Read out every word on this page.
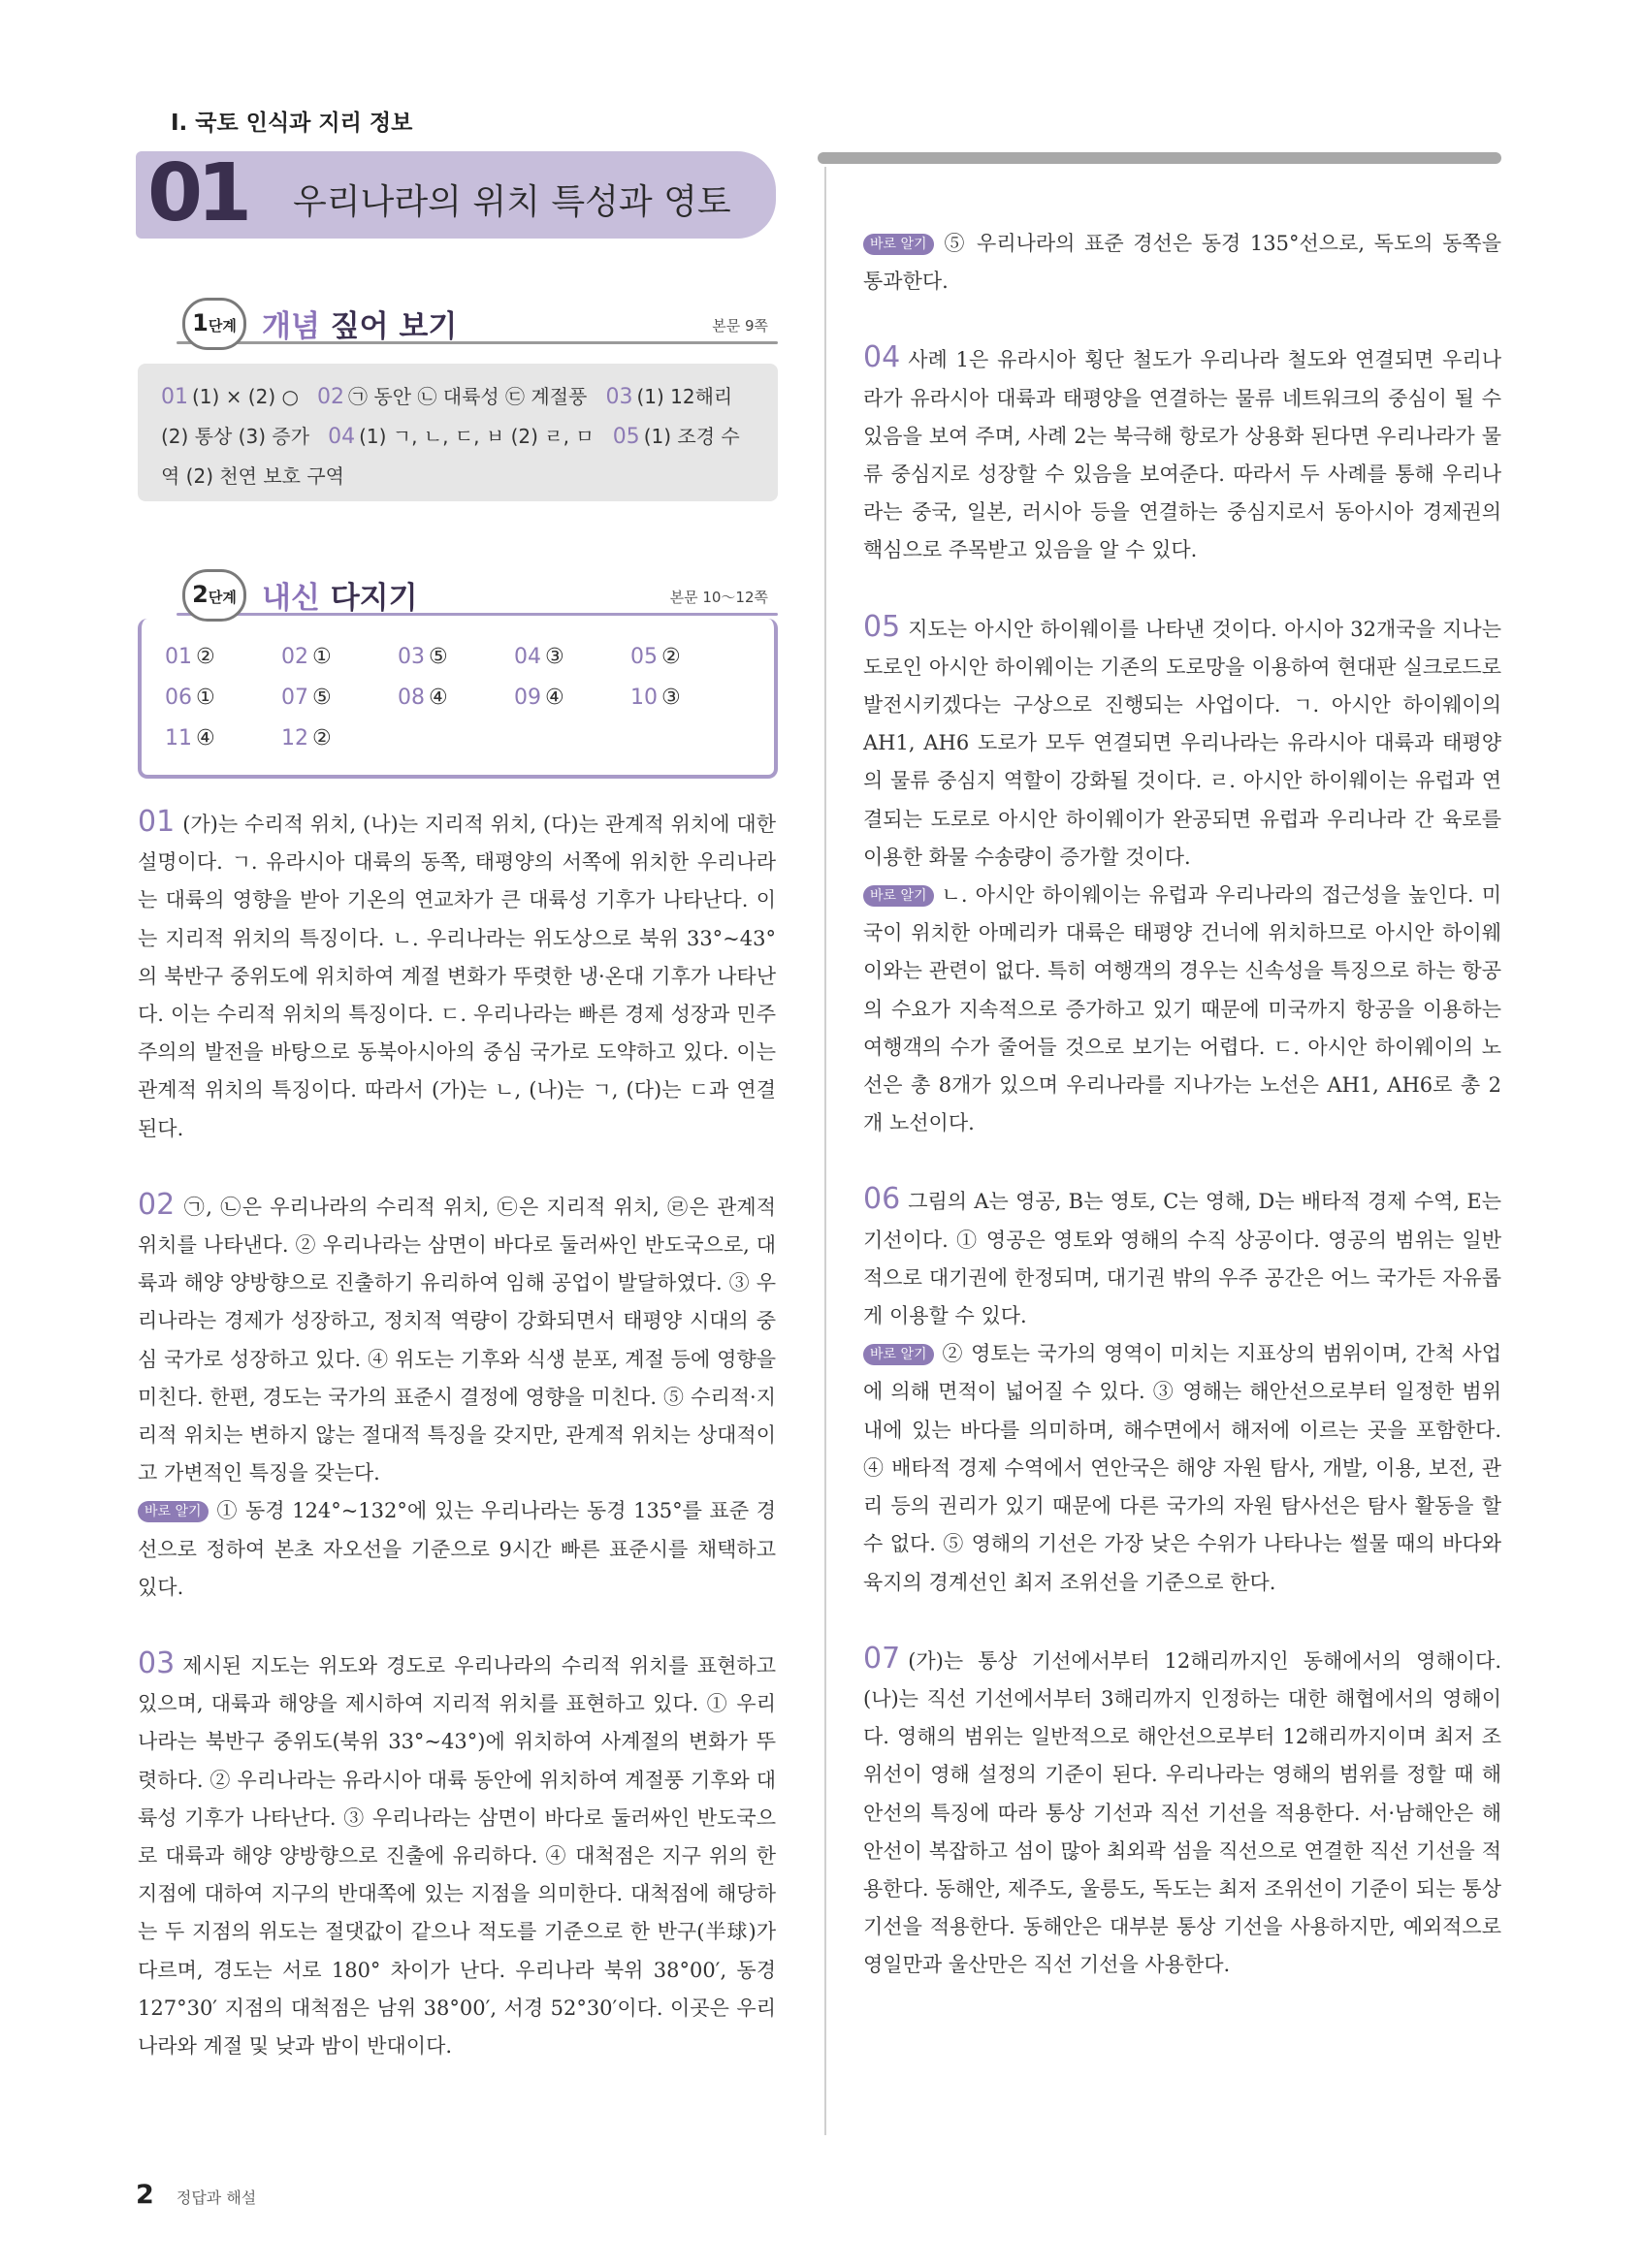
I. 국토 인식과 지리 정보
01 우리나라의 위치 특성과 영토
1단계 개념 짚어 보기	본문 9쪽

01 (1) × (2) ○ 02 ㉠ 동안 ㉡ 대륙성 ㉢ 계절풍 03 (1) 12해리 (2) 통상 (3) 증가 04 (1) ㄱ, ㄴ, ㄷ, ㅂ (2) ㄹ, ㅁ 05 (1) 조경 수역 (2) 천연 보호 구역

2단계 내신 다지기	본문 10～12쪽
01 ②	02 ①	03 ⑤	04 ③	05 ②
06 ①	07 ⑤	08 ④	09 ④	10 ③
11 ④	12 ②

01 (가)는 수리적 위치, (나)는 지리적 위치, (다)는 관계적 위치에 대한 설명이다. ㄱ. 유라시아 대륙의 동쪽, 태평양의 서쪽에 위치한 우리나라는 대륙의 영향을 받아 기온의 연교차가 큰 대륙성 기후가 나타난다. 이는 지리적 위치의 특징이다. ㄴ. 우리나라는 위도상으로 북위 33°~43°의 북반구 중위도에 위치하여 계절 변화가 뚜렷한 냉·온대 기후가 나타난다. 이는 수리적 위치의 특징이다. ㄷ. 우리나라는 빠른 경제 성장과 민주주의의 발전을 바탕으로 동북아시아의 중심 국가로 도약하고 있다. 이는 관계적 위치의 특징이다. 따라서 (가)는 ㄴ, (나)는 ㄱ, (다)는 ㄷ과 연결된다.

02 ㉠, ㉡은 우리나라의 수리적 위치, ㉢은 지리적 위치, ㉣은 관계적 위치를 나타낸다. ② 우리나라는 삼면이 바다로 둘러싸인 반도국으로, 대륙과 해양 양방향으로 진출하기 유리하여 임해 공업이 발달하였다. ③ 우리나라는 경제가 성장하고, 정치적 역량이 강화되면서 태평양 시대의 중심 국가로 성장하고 있다. ④ 위도는 기후와 식생 분포, 계절 등에 영향을 미친다. 한편, 경도는 국가의 표준시 결정에 영향을 미친다. ⑤ 수리적·지리적 위치는 변하지 않는 절대적 특징을 갖지만, 관계적 위치는 상대적이고 가변적인 특징을 갖는다.
바로 알기 ① 동경 124°~132°에 있는 우리나라는 동경 135°를 표준 경선으로 정하여 본초 자오선을 기준으로 9시간 빠른 표준시를 채택하고 있다.

03 제시된 지도는 위도와 경도로 우리나라의 수리적 위치를 표현하고 있으며, 대륙과 해양을 제시하여 지리적 위치를 표현하고 있다. ① 우리나라는 북반구 중위도(북위 33°~43°)에 위치하여 사계절의 변화가 뚜렷하다. ② 우리나라는 유라시아 대륙 동안에 위치하여 계절풍 기후와 대륙성 기후가 나타난다. ③ 우리나라는 삼면이 바다로 둘러싸인 반도국으로 대륙과 해양 양방향으로 진출에 유리하다. ④ 대척점은 지구 위의 한 지점에 대하여 지구의 반대쪽에 있는 지점을 의미한다. 대척점에 해당하는 두 지점의 위도는 절댓값이 같으나 적도를 기준으로 한 반구(半球)가 다르며, 경도는 서로 180° 차이가 난다. 우리나라 북위 38°00′, 동경 127°30′ 지점의 대척점은 남위 38°00′, 서경 52°30′이다. 이곳은 우리나라와 계절 및 낮과 밤이 반대이다.

바로 알기 ⑤ 우리나라의 표준 경선은 동경 135°선으로, 독도의 동쪽을 통과한다.

04 사례 1은 유라시아 횡단 철도가 우리나라 철도와 연결되면 우리나라가 유라시아 대륙과 태평양을 연결하는 물류 네트워크의 중심이 될 수 있음을 보여 주며, 사례 2는 북극해 항로가 상용화 된다면 우리나라가 물류 중심지로 성장할 수 있음을 보여준다. 따라서 두 사례를 통해 우리나라는 중국, 일본, 러시아 등을 연결하는 중심지로서 동아시아 경제권의 핵심으로 주목받고 있음을 알 수 있다.

05 지도는 아시안 하이웨이를 나타낸 것이다. 아시아 32개국을 지나는 도로인 아시안 하이웨이는 기존의 도로망을 이용하여 현대판 실크로드로 발전시키겠다는 구상으로 진행되는 사업이다. ㄱ. 아시안 하이웨이의 AH1, AH6 도로가 모두 연결되면 우리나라는 유라시아 대륙과 태평양의 물류 중심지 역할이 강화될 것이다. ㄹ. 아시안 하이웨이는 유럽과 연결되는 도로로 아시안 하이웨이가 완공되면 유럽과 우리나라 간 육로를 이용한 화물 수송량이 증가할 것이다.
바로 알기 ㄴ. 아시안 하이웨이는 유럽과 우리나라의 접근성을 높인다. 미국이 위치한 아메리카 대륙은 태평양 건너에 위치하므로 아시안 하이웨이와는 관련이 없다. 특히 여행객의 경우는 신속성을 특징으로 하는 항공의 수요가 지속적으로 증가하고 있기 때문에 미국까지 항공을 이용하는 여행객의 수가 줄어들 것으로 보기는 어렵다. ㄷ. 아시안 하이웨이의 노선은 총 8개가 있으며 우리나라를 지나가는 노선은 AH1, AH6로 총 2개 노선이다.

06 그림의 A는 영공, B는 영토, C는 영해, D는 배타적 경제 수역, E는 기선이다. ① 영공은 영토와 영해의 수직 상공이다. 영공의 범위는 일반적으로 대기권에 한정되며, 대기권 밖의 우주 공간은 어느 국가든 자유롭게 이용할 수 있다.
바로 알기 ② 영토는 국가의 영역이 미치는 지표상의 범위이며, 간척 사업에 의해 면적이 넓어질 수 있다. ③ 영해는 해안선으로부터 일정한 범위 내에 있는 바다를 의미하며, 해수면에서 해저에 이르는 곳을 포함한다. ④ 배타적 경제 수역에서 연안국은 해양 자원 탐사, 개발, 이용, 보전, 관리 등의 권리가 있기 때문에 다른 국가의 자원 탐사선은 탐사 활동을 할 수 없다. ⑤ 영해의 기선은 가장 낮은 수위가 나타나는 썰물 때의 바다와 육지의 경계선인 최저 조위선을 기준으로 한다.

07 (가)는 통상 기선에서부터 12해리까지인 동해에서의 영해이다. (나)는 직선 기선에서부터 3해리까지 인정하는 대한 해협에서의 영해이다. 영해의 범위는 일반적으로 해안선으로부터 12해리까지이며 최저 조위선이 영해 설정의 기준이 된다. 우리나라는 영해의 범위를 정할 때 해안선의 특징에 따라 통상 기선과 직선 기선을 적용한다. 서·남해안은 해안선이 복잡하고 섬이 많아 최외곽 섬을 직선으로 연결한 직선 기선을 적용한다. 동해안, 제주도, 울릉도, 독도는 최저 조위선이 기준이 되는 통상 기선을 적용한다. 동해안은 대부분 통상 기선을 사용하지만, 예외적으로 영일만과 울산만은 직선 기선을 사용한다.

2 정답과 해설
